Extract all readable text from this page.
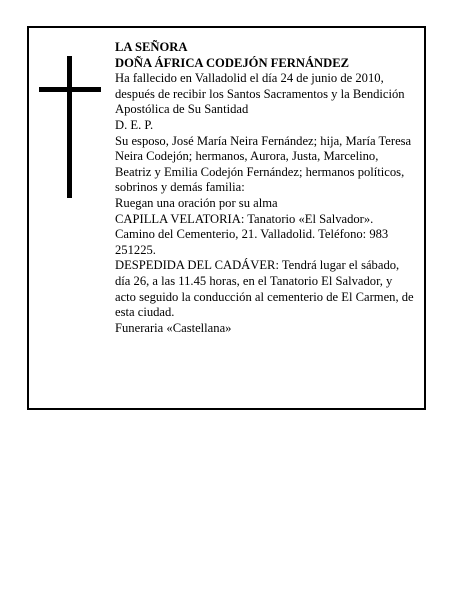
LA SEÑORA

DOÑA ÁFRICA CODEJÓN FERNÁNDEZ

Ha fallecido en Valladolid el día 24 de junio de 2010, después de recibir los Santos Sacramentos y la Bendición Apostólica de Su Santidad

D. E. P.

Su esposo, José María Neira Fernández; hija, María Teresa Neira Codejón; hermanos, Aurora, Justa, Marcelino, Beatriz y Emilia Codejón Fernández; hermanos políticos, sobrinos y demás familia:

Ruegan una oración por su alma

CAPILLA VELATORIA: Tanatorio «El Salvador». Camino del Cementerio, 21. Valladolid. Teléfono: 983 251225.

DESPEDIDA DEL CADÁVER: Tendrá lugar el sábado, día 26, a las 11.45 horas, en el Tanatorio El Salvador, y acto seguido la conducción al cementerio de El Carmen, de esta ciudad.

Funeraria «Castellana»
